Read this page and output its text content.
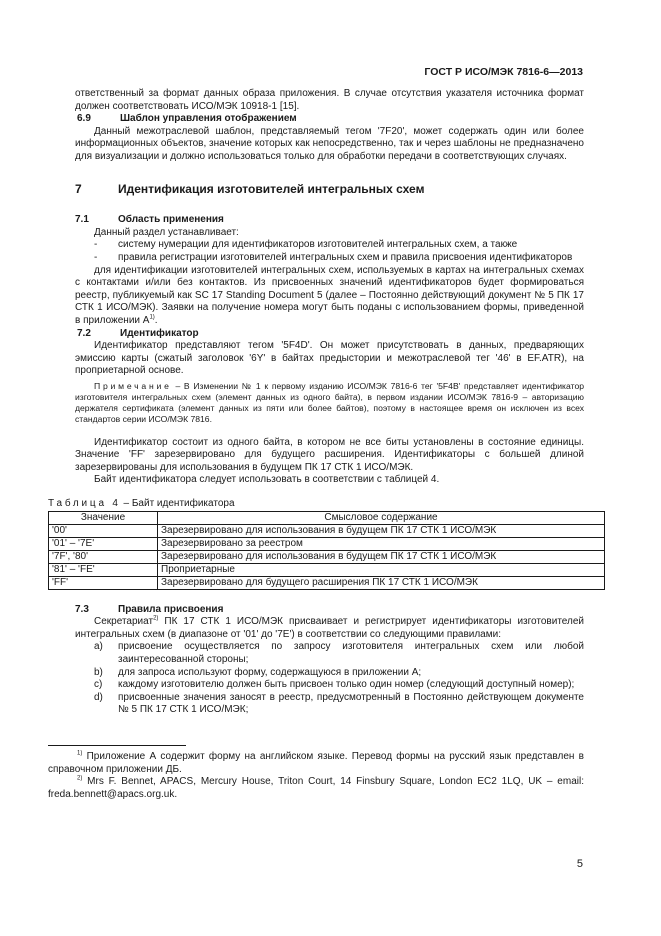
ГОСТ Р ИСО/МЭК 7816-6—2013

ответственный за формат данных образа приложения. В случае отсутствия указателя источника формат должен соответствовать ИСО/МЭК 10918-1 [15].

6.9	Шаблон управления отображением

Данный межотраслевой шаблон, представляемый тегом '7F20', может содержать один или более информационных объектов, значение которых как непосредственно, так и через шаблоны не предназначено для визуализации и должно использоваться только для обработки передачи в соответствующих случаях.

7	Идентификация изготовителей интегральных схем
7.1	Область применения

Данный раздел устанавливает:

-	систему нумерации для идентификаторов изготовителей интегральных схем, а также
-	правила регистрации изготовителей интегральных схем и правила присвоения идентификаторов

для идентификации изготовителей интегральных схем, используемых в картах на интегральных схемах с контактами и/или без контактов. Из присвоенных значений идентификаторов будет формироваться реестр, публикуемый как SC 17 Standing Document 5 (далее – Постоянно действующий документ № 5 ПК 17 СТК 1 ИСО/МЭК). Заявки на получение номера могут быть поданы с использованием формы, приведенной в приложении $А^{1)}$.

7.2	Идентификатор

Идентификатор представляют тегом '5F4D'. Он может присутствовать в данных, предваряющих эмиссию карты (сжатый заголовок '6Y' в байтах предыстории и межотраслевой тег '46' в EF.ATR), на проприетарной основе.

Примечание – В Изменении № 1 к первому изданию ИСО/МЭК 7816-6 тег '5F4B' представляет идентификатор изготовителя интегральных схем (элемент данных из одного байта), в первом издании ИСО/МЭК 7816-9 – авторизацию держателя сертификата (элемент данных из пяти или более байтов), поэтому в настоящее время он исключен из всех стандартов серии ИСО/МЭК 7816.

Идентификатор состоит из одного байта, в котором не все биты установлены в состояние единицы. Значение 'FF' зарезервировано для будущего расширения. Идентификаторы с большей длиной зарезервированы для использования в будущем ПК 17 СТК 1 ИСО/МЭК.

Байт идентификатора следует использовать в соответствии с таблицей 4.

Таблица 4 – Байт идентификатора

Значение	Смысловое содержание
'00'	Зарезервировано для использования в будущем ПК 17 СТК 1 ИСО/МЭК
'01' – '7E'	Зарезервировано за реестром
'7F', '80'	Зарезервировано для использования в будущем ПК 17 СТК 1 ИСО/МЭК
'81' – 'FE'	Проприетарные
'FF'	Зарезервировано для будущего расширения ПК 17 СТК 1 ИСО/МЭК
7.3	Правила присвоения

Секретариат$^{2)}$ ПК 17 СТК 1 ИСО/МЭК присваивает и регистрирует идентификаторы изготовителей интегральных схем (в диапазоне от '01' до '7E') в соответствии со следующими правилами:

а)	присвоение осуществляется по запросу изготовителя интегральных схем или любой заинтересованной стороны;
b)	для запроса используют форму, содержащуюся в приложении А;
c)	каждому изготовителю должен быть присвоен только один номер (следующий доступный номер);
d)	присвоенные значения заносят в реестр, предусмотренный в Постоянно действующем документе № 5 ПК 17 СТК 1 ИСО/МЭК;

$^{1)}$ Приложение А содержит форму на английском языке. Перевод формы на русский язык представлен в справочном приложении ДБ.

$^{2)}$ Mrs F. Bennet, APACS, Mercury House, Triton Court, 14 Finsbury Square, London EC2 1LQ, UK – email: freda.bennett@apacs.org.uk.

5
